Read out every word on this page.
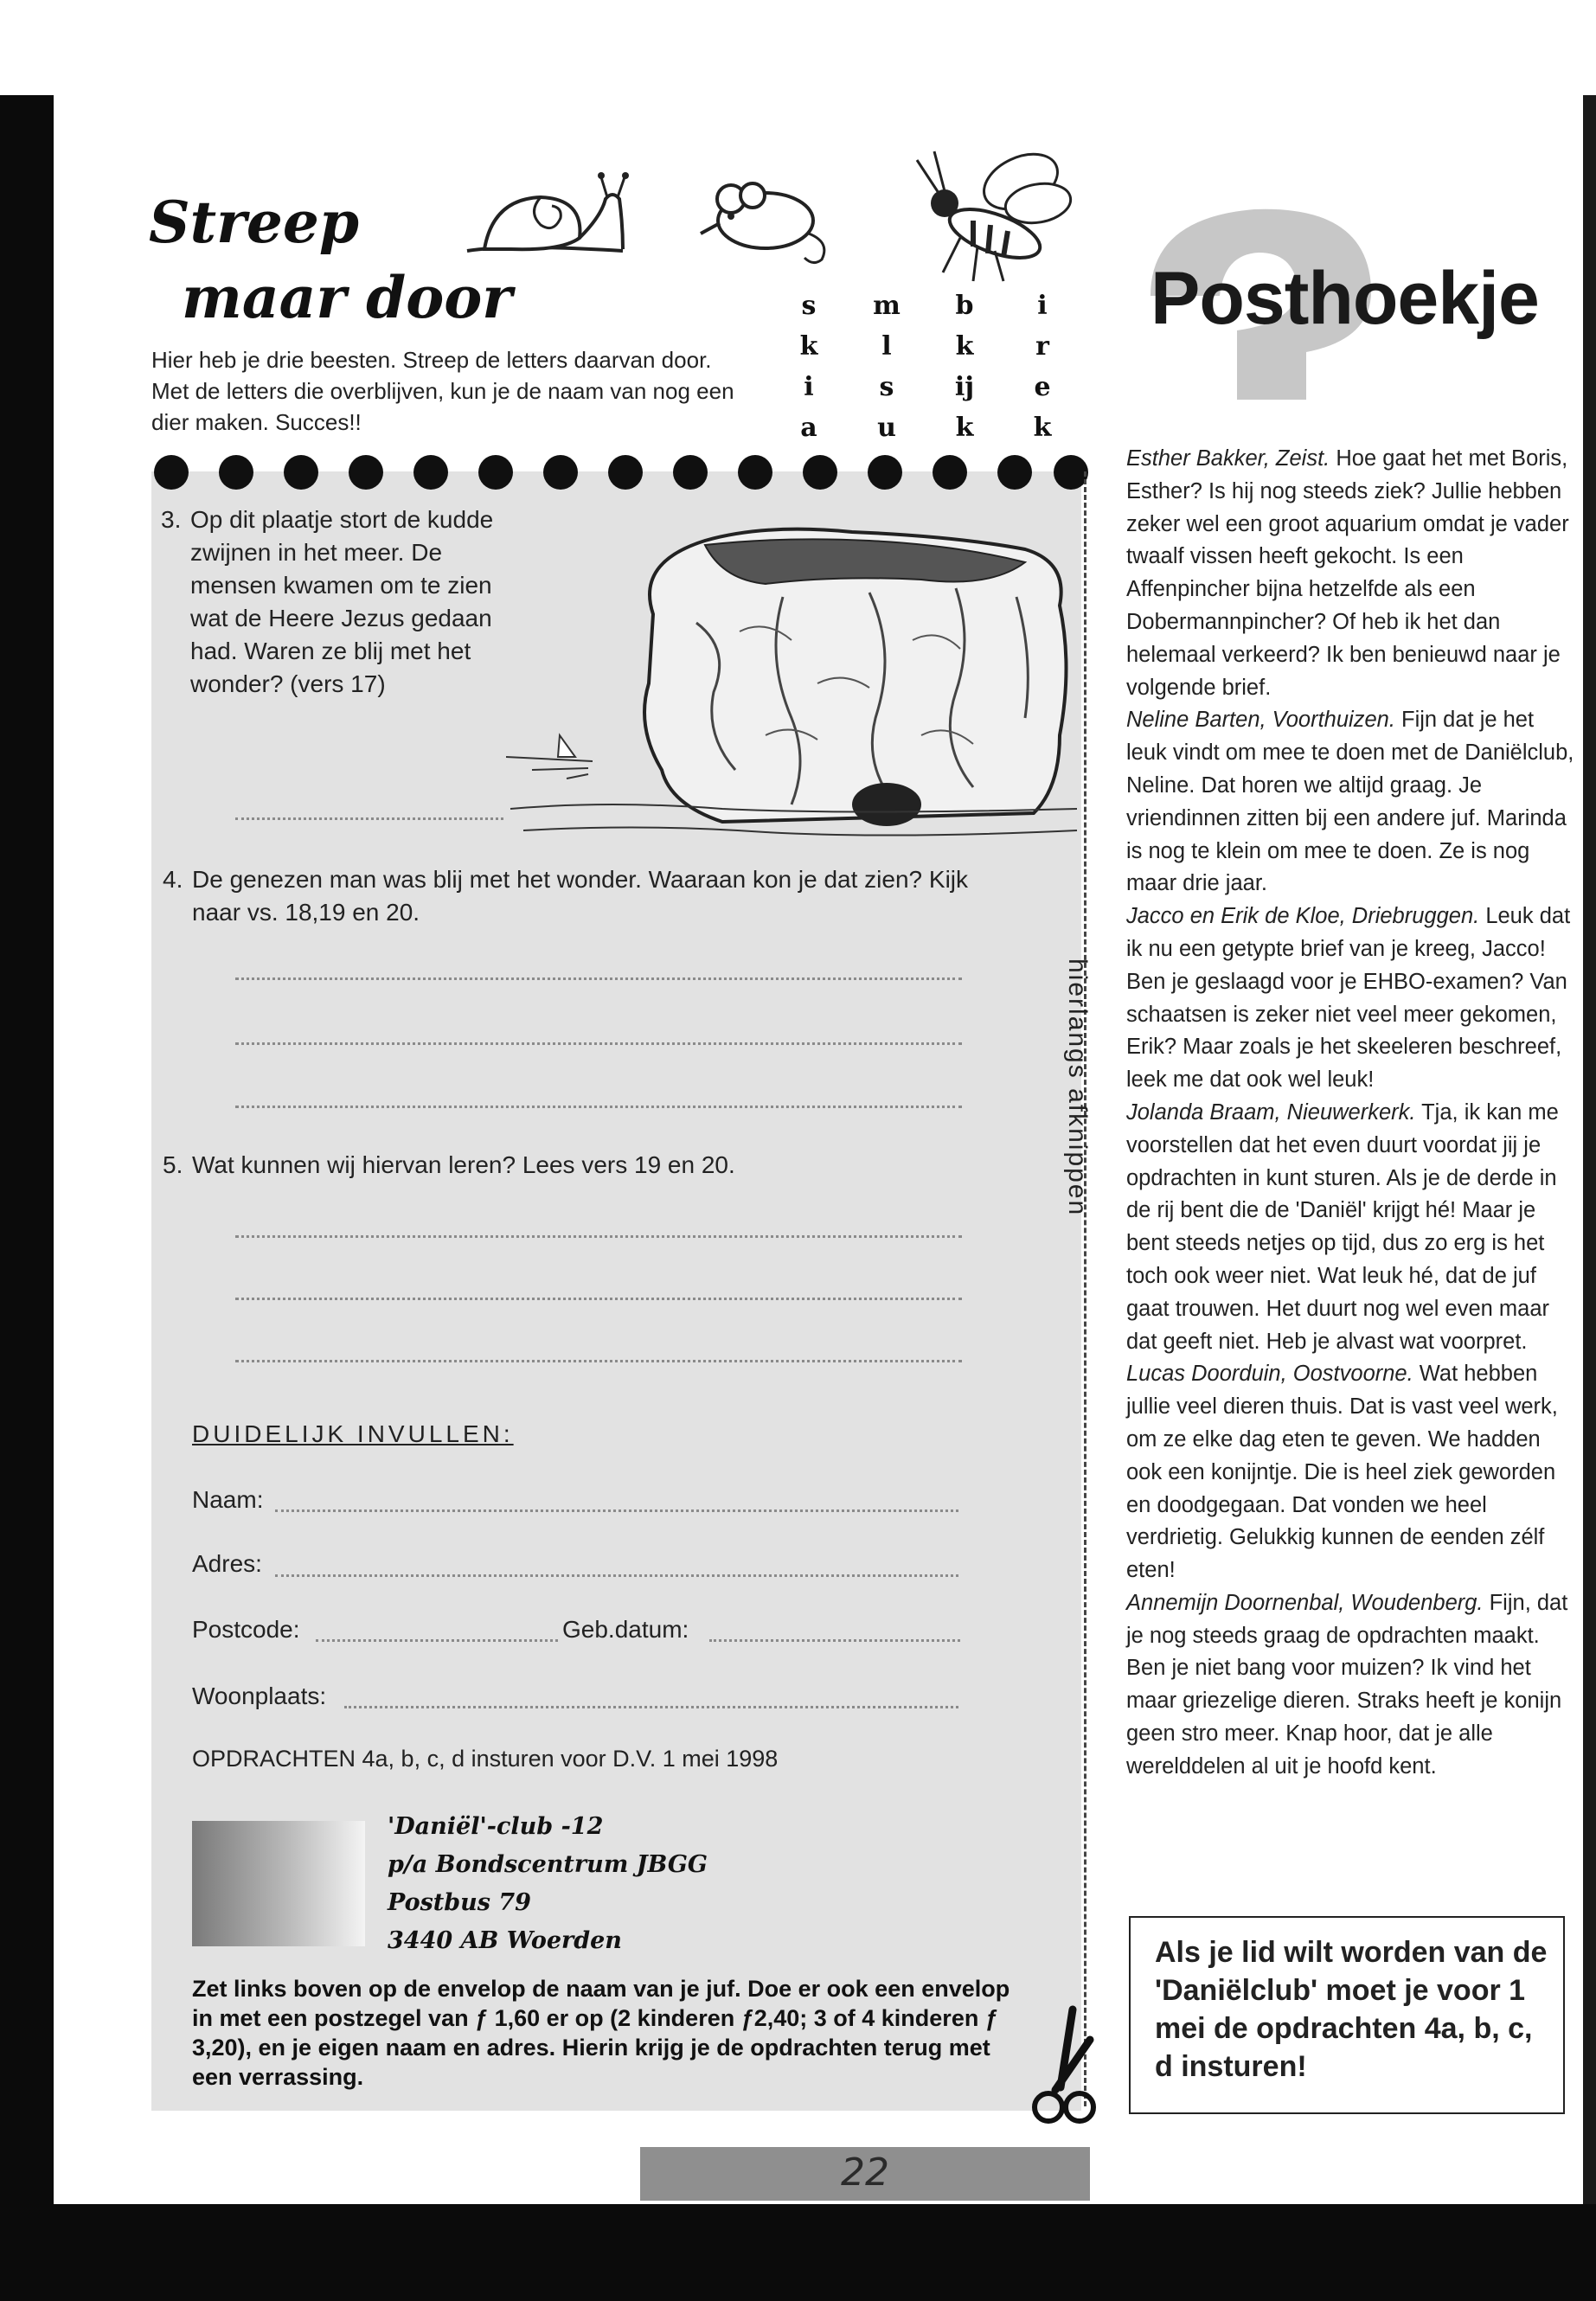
Streep
maar door
Hier heb je drie beesten. Streep de letters daarvan door. Met de letters die overblijven, kun je de naam van nog een dier maken. Succes!!
s
k
i
a
m
l
s
u
b
k
ij
k
i
r
e
k
3. Op dit plaatje stort de kudde zwijnen in het meer. De mensen kwamen om te zien wat de Heere Jezus gedaan had. Waren ze blij met het wonder? (vers 17)
4. De genezen man was blij met het wonder. Waaraan kon je dat zien? Kijk naar vs. 18,19 en 20.
5. Wat kunnen wij hiervan leren? Lees vers 19 en 20.
DUIDELIJK INVULLEN:
Naam:
Adres:
Postcode:	Geb.datum:
Woonplaats:
OPDRACHTEN 4a, b, c, d insturen voor D.V. 1 mei 1998
'Daniël'-club -12
p/a Bondscentrum JBGG
Postbus 79
3440 AB Woerden
Zet links boven op de envelop de naam van je juf. Doe er ook een envelop in met een postzegel van ƒ 1,60 er op (2 kinderen ƒ2,40; 3 of 4 kinderen ƒ 3,20), en je eigen naam en adres. Hierin krijg je de opdrachten terug met een verrassing.
hierlangs afknippen
Posthoekje
Esther Bakker, Zeist. Hoe gaat het met Boris, Esther? Is hij nog steeds ziek? Jullie hebben zeker wel een groot aquarium omdat je vader twaalf vissen heeft gekocht. Is een Affenpincher bijna hetzelfde als een Dobermannpincher? Of heb ik het dan helemaal verkeerd? Ik ben benieuwd naar je volgende brief.
Neline Barten, Voorthuizen. Fijn dat je het leuk vindt om mee te doen met de Daniëlclub, Neline. Dat horen we altijd graag. Je vriendinnen zitten bij een andere juf. Marinda is nog te klein om mee te doen. Ze is nog maar drie jaar.
Jacco en Erik de Kloe, Driebruggen. Leuk dat ik nu een getypte brief van je kreeg, Jacco! Ben je geslaagd voor je EHBO-examen? Van schaatsen is zeker niet veel meer gekomen, Erik? Maar zoals je het skeeleren beschreef, leek me dat ook wel leuk!
Jolanda Braam, Nieuwerkerk. Tja, ik kan me voorstellen dat het even duurt voordat jij je opdrachten in kunt sturen. Als je de derde in de rij bent die de 'Daniël' krijgt hé! Maar je bent steeds netjes op tijd, dus zo erg is het toch ook weer niet. Wat leuk hé, dat de juf gaat trouwen. Het duurt nog wel even maar dat geeft niet. Heb je alvast wat voorpret.
Lucas Doorduin, Oostvoorne. Wat hebben jullie veel dieren thuis. Dat is vast veel werk, om ze elke dag eten te geven. We hadden ook een konijntje. Die is heel ziek geworden en doodgegaan. Dat vonden we heel verdrietig. Gelukkig kunnen de eenden zélf eten!
Annemijn Doornenbal, Woudenberg. Fijn, dat je nog steeds graag de opdrachten maakt. Ben je niet bang voor muizen? Ik vind het maar griezelige dieren. Straks heeft je konijn geen stro meer. Knap hoor, dat je alle werelddelen al uit je hoofd kent.
Als je lid wilt worden van de 'Daniëlclub' moet je voor 1 mei de opdrachten 4a, b, c, d insturen!
22
